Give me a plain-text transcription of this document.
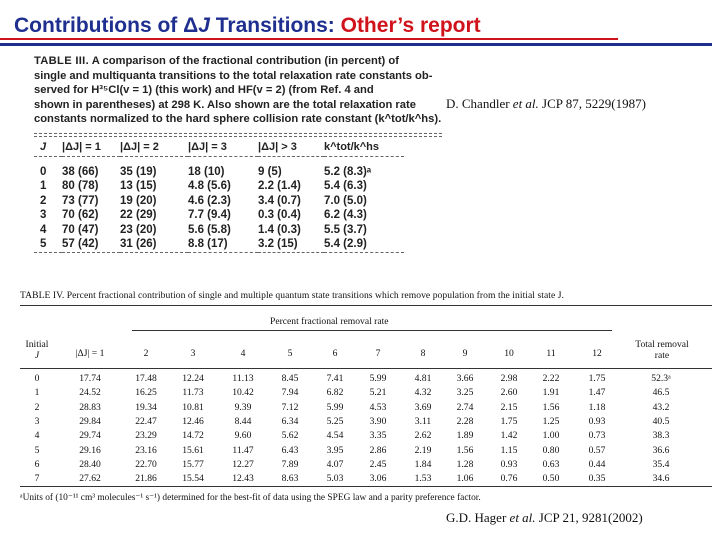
Contributions of ΔJ Transitions: Other’s report
TABLE III. A comparison of the fractional contribution (in percent) of
single and multiquanta transitions to the total relaxation rate constants ob-
served for H³⁵Cl(v = 1) (this work) and HF(v = 2) (from Ref. 4 and
shown in parentheses) at 298 K. Also shown are the total relaxation rate
constants normalized to the hard sphere collision rate constant (k^tot/k^hs).
J	|ΔJ| = 1	|ΔJ| = 2	|ΔJ| = 3	|ΔJ| > 3	k^tot/k^hs
0	38 (66)	35 (19)	18 (10)	9 (5)	5.2 (8.3)ᵃ
1	80 (78)	13 (15)	4.8 (5.6)	2.2 (1.4)	5.4 (6.3)
2	73 (77)	19 (20)	4.6 (2.3)	3.4 (0.7)	7.0 (5.0)
3	70 (62)	22 (29)	7.7 (9.4)	0.3 (0.4)	6.2 (4.3)
4	70 (47)	23 (20)	5.6 (5.8)	1.4 (0.3)	5.5 (3.7)
5	57 (42)	31 (26)	8.8 (17)	3.2 (15)	5.4 (2.9)
D. Chandler et al. JCP 87, 5229(1987)
TABLE IV. Percent fractional contribution of single and multiple quantum state transitions which remove population from the initial state J.
Percent fractional removal rate
Initial
J
Total removal
rate
|ΔJ| = 1	2	3	4	5	6	7	8	9	10	11	12
0	17.74	17.48	12.24	11.13	8.45	7.41	5.99	4.81	3.66	2.98	2.22	1.75	52.3ᵃ
1	24.52	16.25	11.73	10.42	7.94	6.82	5.21	4.32	3.25	2.60	1.91	1.47	46.5
2	28.83	19.34	10.81	9.39	7.12	5.99	4.53	3.69	2.74	2.15	1.56	1.18	43.2
3	29.84	22.47	12.46	8.44	6.34	5.25	3.90	3.11	2.28	1.75	1.25	0.93	40.5
4	29.74	23.29	14.72	9.60	5.62	4.54	3.35	2.62	1.89	1.42	1.00	0.73	38.3
5	29.16	23.16	15.61	11.47	6.43	3.95	2.86	2.19	1.56	1.15	0.80	0.57	36.6
6	28.40	22.70	15.77	12.27	7.89	4.07	2.45	1.84	1.28	0.93	0.63	0.44	35.4
7	27.62	21.86	15.54	12.43	8.63	5.03	3.06	1.53	1.06	0.76	0.50	0.35	34.6
ᵃUnits of (10⁻¹¹ cm³ molecules⁻¹ s⁻¹) determined for the best-fit of data using the SPEG law and a parity preference factor.
G.D. Hager et al. JCP 21, 9281(2002)
